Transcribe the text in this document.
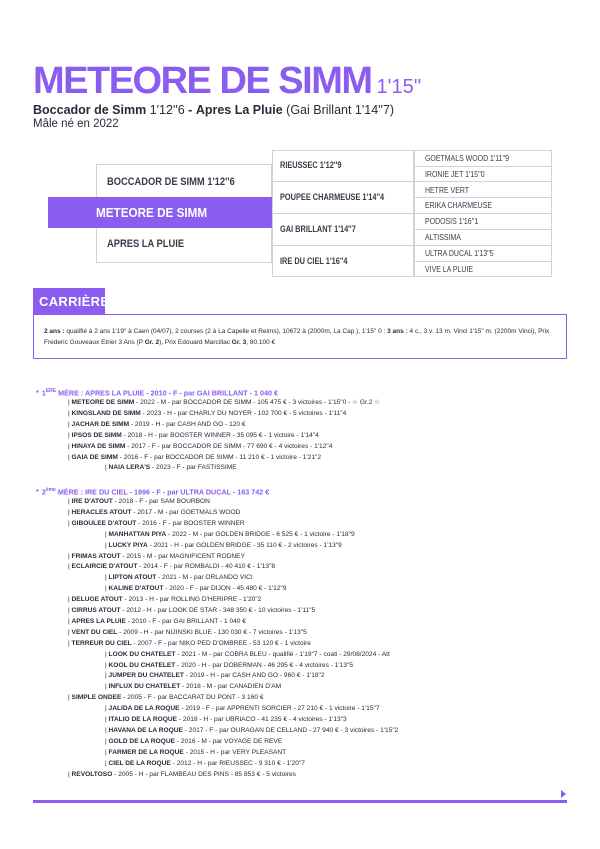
METEORE DE SIMM 1'15''
Boccador de Simm 1'12''6 - Apres La Pluie (Gai Brillant 1'14''7)
Mâle né en 2022
BOCCADOR DE SIMM 1'12''6
APRES LA PLUIE
RIEUSSEC 1'12''9
POUPEE CHARMEUSE 1'14''4
GAI BRILLANT 1'14''7
IRE DU CIEL 1'16''4
GOETMALS WOOD 1'11''9
IRONIE JET 1'15''0
HETRE VERT
ERIKA CHARMEUSE
PODOSIS 1'16''1
ALTISSIMA
ULTRA DUCAL 1'13''5
VIVE LA PLUIE
METEORE DE SIMM
CARRIÈRE

2 ans : qualifié à 2 ans 1'19" à Caen (04/07), 2 courses (2 à La Capelle et Reims), 10672 à (2000m, La Cap.), 1'15" 0 : 3 ans : 4 c., 3 v. 13 m. Vinci 1'15" m. (2200m Vinci), Prix Frederic Gouveaux Etrier 3 Ans (P Gr. 2), Prix Edouard Marcillac Gr. 3, 80.100 €

* 1ERE MÈRE : APRES LA PLUIE - 2010 - F - par GAI BRILLANT - 1 040 €
| METEORE DE SIMM - 2022 - M - par BOCCADOR DE SIMM - 105 475 € - 3 victoires - 1'15"0 - ☆ Gr.2 ☆
| KINGSLAND DE SIMM - 2023 - H - par CHARLY DU NOYER - 102 700 € - 5 victoires - 1'11"4
| JACHAR DE SIMM - 2019 - H - par CASH AND GO - 120 €
| IPSOS DE SIMM - 2018 - H - par BOOSTER WINNER - 35 095 € - 1 victoire - 1'14"4
| HINAYA DE SIMM - 2017 - F - par BOCCADOR DE SIMM - 77 690 € - 4 victoires - 1'12"4
| GAIA DE SIMM - 2016 - F - par BOCCADOR DE SIMM - 11 210 € - 1 victoire - 1'21"2
| NAIA LERA'S - 2023 - F - par FASTISSIME
* 2ème MÈRE : IRE DU CIEL - 1996 - F - par ULTRA DUCAL - 163 742 €
| IRE D'ATOUT - 2018 - F - par SAM BOURBON
| HERACLES ATOUT - 2017 - M - par GOETMALS WOOD
| GIBOULEE D'ATOUT - 2016 - F - par BOOSTER WINNER
| MANHATTAN PIYA - 2022 - M - par GOLDEN BRIDGE - 6 525 € - 1 victoire - 1'18"9
| LUCKY PIYA - 2021 - H - par GOLDEN BRIDGE - 35 110 € - 2 victoires - 1'13"9
| FRIMAS ATOUT - 2015 - M - par MAGNIFICENT RODNEY
| ECLAIRCIE D'ATOUT - 2014 - F - par ROMBALDI - 40 410 € - 1'13"8
| LIPTON ATOUT - 2021 - M - par ORLANDO VICI
| KALINE D'ATOUT - 2020 - F - par DIJON - 45 480 € - 1'12"9
| DELUGE ATOUT - 2013 - H - par ROLLING D'HERIPRE - 1'20"2
| CIRRUS ATOUT - 2012 - H - par LOOK DE STAR - 348 350 € - 10 victoires - 1'11"5
| APRES LA PLUIE - 2010 - F - par GAI BRILLANT - 1 040 €
| VENT DU CIEL - 2009 - H - par NIJINSKI BLUE - 130 030 € - 7 victoires - 1'13"5
| TERREUR DU CIEL - 2007 - F - par NIKO PED D'OMBREE - 53 120 € - 1 victoire
| LOOK DU CHATELET - 2021 - M - par COBRA BLEU - qualifié - 1'19"7 - coati - 29/08/2024 - Att
| KOOL DU CHATELET - 2020 - H - par DOBERMAN - 46 295 € - 4 victoires - 1'13"5
| JUMPER DU CHATELET - 2019 - H - par CASH AND GO - 960 € - 1'18"2
| INFLUX DU CHATELET - 2018 - M - par CANADIEN D'AM
| SIMPLE ONDEE - 2005 - F - par BACCARAT DU PONT - 3 160 €
| JALIDA DE LA ROQUE - 2019 - F - par APPRENTI SORCIER - 27 210 € - 1 victoire - 1'15"7
| ITALIO DE LA ROQUE - 2018 - H - par UBRIACO - 41 235 € - 4 victoires - 1'13"3
| HAVANA DE LA ROQUE - 2017 - F - par OURAGAN DE CELLAND - 27 940 € - 3 victoires - 1'15"2
| GOLD DE LA ROQUE - 2016 - M - par VOYAGE DE REVE
| FARMER DE LA ROQUE - 2015 - H - par VERY PLEASANT
| CIEL DE LA ROQUE - 2012 - H - par RIEUSSEC - 9 310 € - 1'20"7
| REVOLTOSO - 2005 - H - par FLAMBEAU DES PINS - 85 853 € - 5 victoires
